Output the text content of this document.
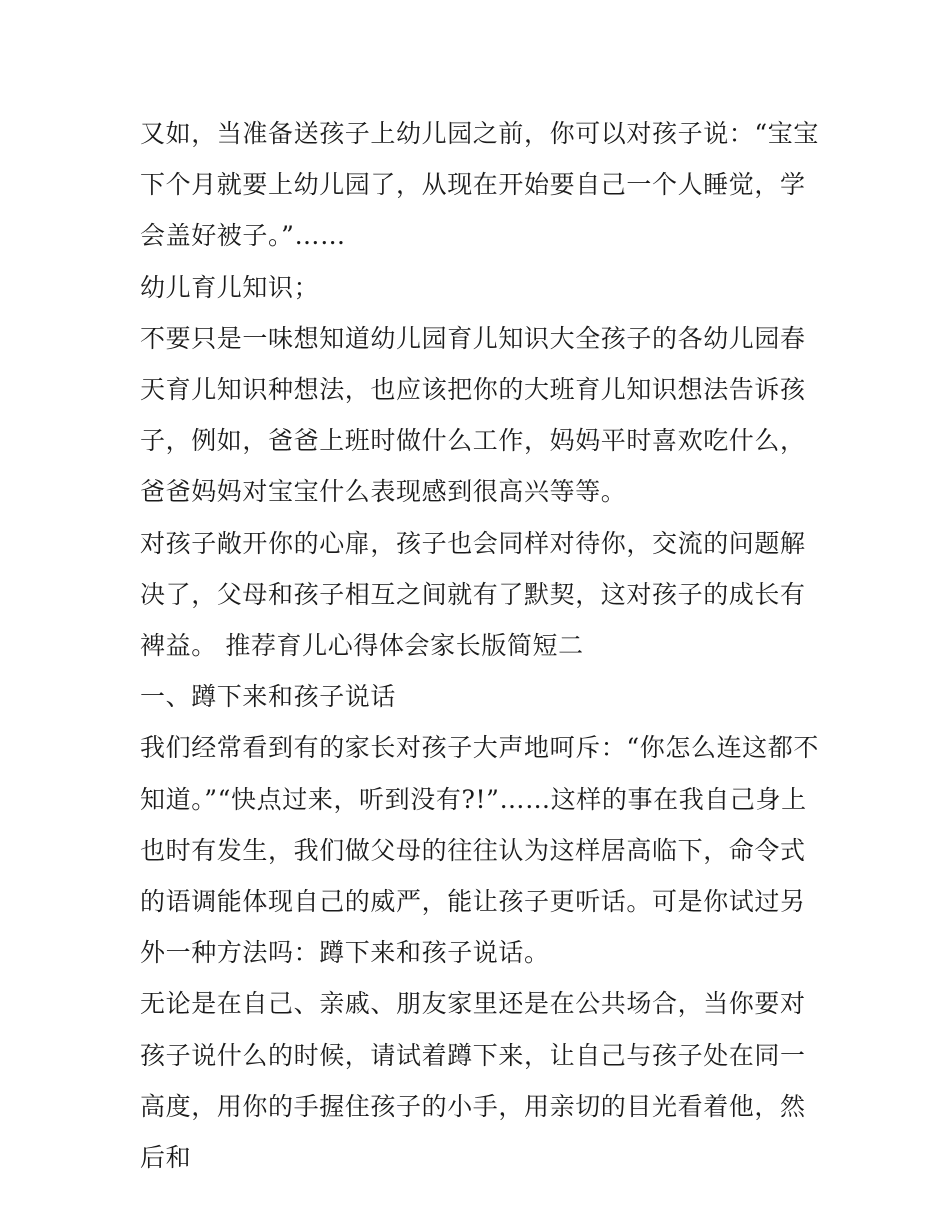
又如，当准备送孩子上幼儿园之前，你可以对孩子说：“宝宝下个月就要上幼儿园了，从现在开始要自己一个人睡觉，学会盖好被子。”……

幼儿育儿知识；

不要只是一味想知道幼儿园育儿知识大全孩子的各幼儿园春天育儿知识种想法，也应该把你的大班育儿知识想法告诉孩子，例如，爸爸上班时做什么工作，妈妈平时喜欢吃什么，爸爸妈妈对宝宝什么表现感到很高兴等等。

对孩子敞开你的心扉，孩子也会同样对待你，交流的问题解决了，父母和孩子相互之间就有了默契，这对孩子的成长有裨益。 推荐育儿心得体会家长版简短二

一、蹲下来和孩子说话

我们经常看到有的家长对孩子大声地呵斥：“你怎么连这都不知道。”“快点过来，听到没有?!”……这样的事在我自己身上也时有发生，我们做父母的往往认为这样居高临下，命令式的语调能体现自己的威严，能让孩子更听话。可是你试过另外一种方法吗：蹲下来和孩子说话。

无论是在自己、亲戚、朋友家里还是在公共场合，当你要对孩子说什么的时候，请试着蹲下来，让自己与孩子处在同一高度，用你的手握住孩子的小手，用亲切的目光看着他，然后和
